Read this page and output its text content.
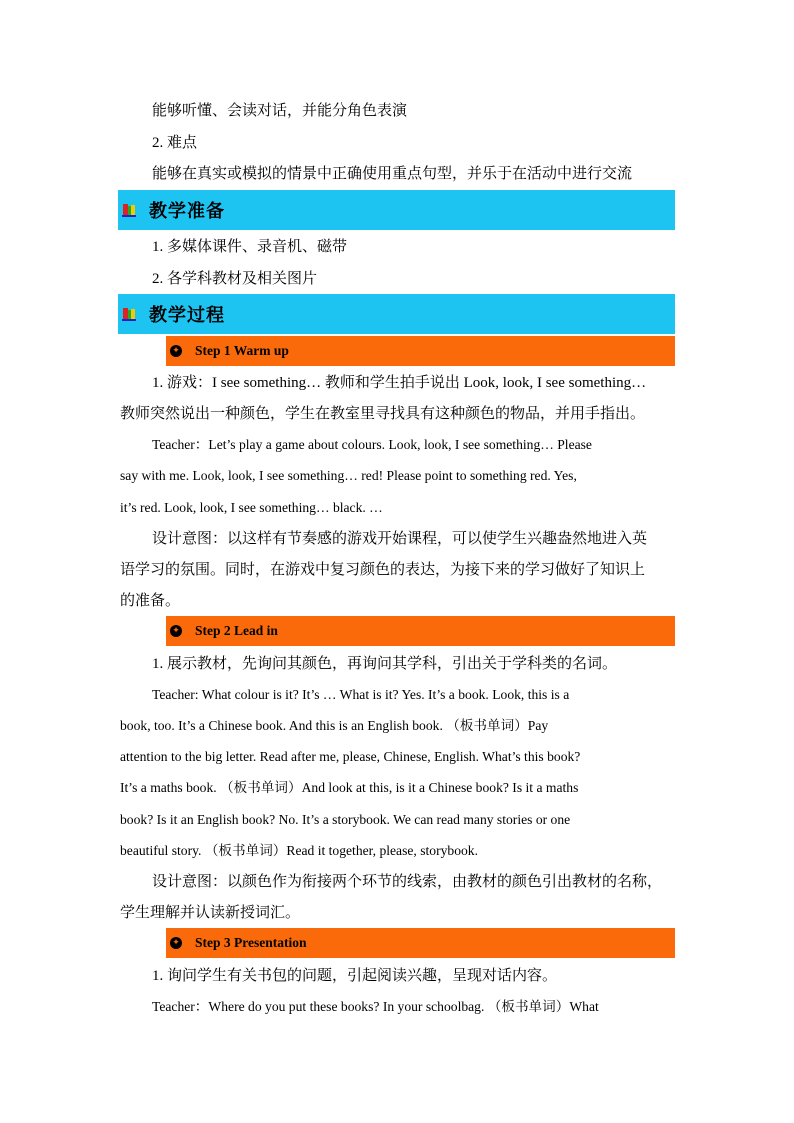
能够听懂、会读对话，并能分角色表演
2. 难点
能够在真实或模拟的情景中正确使用重点句型，并乐于在活动中进行交流
教学准备
1. 多媒体课件、录音机、磁带
2. 各学科教材及相关图片
教学过程
✦ Step 1 Warm up
1. 游戏：I see something… 教师和学生拍手说出 Look, look, I see something…
教师突然说出一种颜色，学生在教室里寻找具有这种颜色的物品，并用手指出。
Teacher：Let’s play a game about colours. Look, look, I see something… Please
say with me. Look, look, I see something… red! Please point to something red. Yes,
it’s red. Look, look, I see something… black. …
设计意图：以这样有节奏感的游戏开始课程，可以使学生兴趣盎然地进入英
语学习的氛围。同时，在游戏中复习颜色的表达，为接下来的学习做好了知识上
的准备。
✦ Step 2 Lead in
1. 展示教材，先询问其颜色，再询问其学科，引出关于学科类的名词。
Teacher: What colour is it? It’s … What is it? Yes. It’s a book. Look, this is a
book, too. It’s a Chinese book. And this is an English book. （板书单词）Pay
attention to the big letter. Read after me, please, Chinese, English. What’s this book?
It’s a maths book. （板书单词）And look at this, is it a Chinese book? Is it a maths
book? Is it an English book? No. It’s a storybook. We can read many stories or one
beautiful story. （板书单词）Read it together, please, storybook.
设计意图：以颜色作为衔接两个环节的线索，由教材的颜色引出教材的名称，
学生理解并认读新授词汇。
✦ Step 3 Presentation
1. 询问学生有关书包的问题，引起阅读兴趣，呈现对话内容。
Teacher：Where do you put these books? In your schoolbag. （板书单词）What
